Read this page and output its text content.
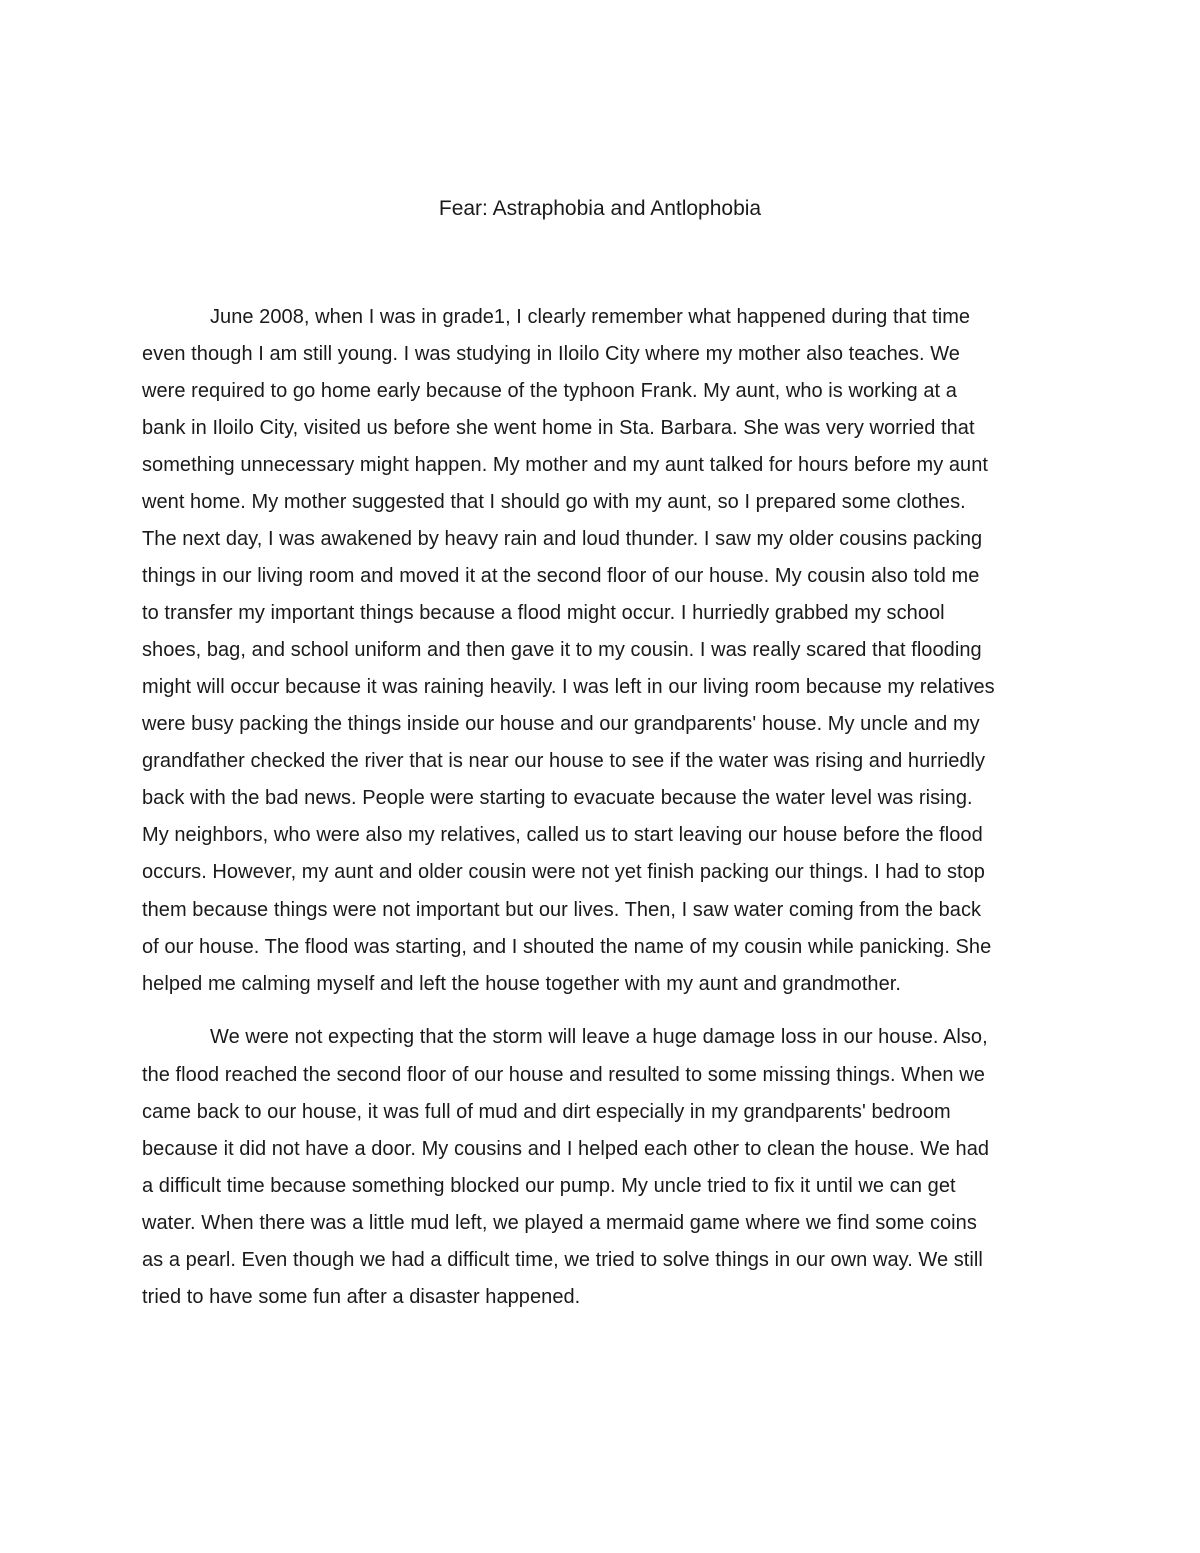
Fear: Astraphobia and Antlophobia

June 2008, when I was in grade1, I clearly remember what happened during that time

even though I am still young. I was studying in Iloilo City where my mother also teaches. We

were required to go home early because of the typhoon Frank. My aunt, who is working at a

bank in Iloilo City, visited us before she went home in Sta. Barbara. She was very worried that

something unnecessary might happen. My mother and my aunt talked for hours before my aunt

went home. My mother suggested that I should go with my aunt, so I prepared some clothes.

The next day, I was awakened by heavy rain and loud thunder. I saw my older cousins packing

things in our living room and moved it at the second floor of our house. My cousin also told me

to transfer my important things because a flood might occur. I hurriedly grabbed my school

shoes, bag, and school uniform and then gave it to my cousin. I was really scared that flooding

might will occur because it was raining heavily. I was left in our living room because my relatives

were busy packing the things inside our house and our grandparents' house. My uncle and my

grandfather checked the river that is near our house to see if the water was rising and hurriedly

back with the bad news. People were starting to evacuate because the water level was rising.

My neighbors, who were also my relatives, called us to start leaving our house before the flood

occurs. However, my aunt and older cousin were not yet finish packing our things. I had to stop

them because things were not important but our lives. Then, I saw water coming from the back

of our house. The flood was starting, and I shouted the name of my cousin while panicking. She

helped me calming myself and left the house together with my aunt and grandmother.

We were not expecting that the storm will leave a huge damage loss in our house. Also,

the flood reached the second floor of our house and resulted to some missing things. When we

came back to our house, it was full of mud and dirt especially in my grandparents' bedroom

because it did not have a door. My cousins and I helped each other to clean the house. We had

a difficult time because something blocked our pump. My uncle tried to fix it until we can get

water. When there was a little mud left, we played a mermaid game where we find some coins

as a pearl. Even though we had a difficult time, we tried to solve things in our own way. We still

tried to have some fun after a disaster happened.
